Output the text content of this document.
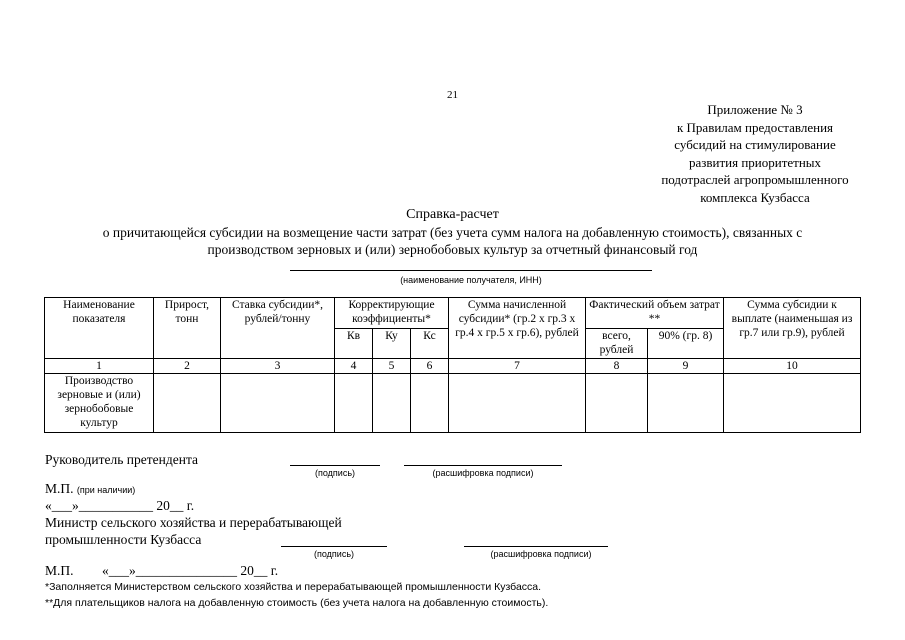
21
Приложение № 3
к Правилам предоставления
субсидий на стимулирование
развития приоритетных
подотраслей агропромышленного
комплекса Кузбасса
Справка-расчет
о причитающейся субсидии на возмещение части затрат (без учета сумм налога на добавленную стоимость), связанных с
производством зерновых и (или) зернобобовых культур за отчетный финансовый год
(наименование получателя, ИНН)
Наименование показателя	Прирост, тонн	Ставка субсидии*, рублей/тонну	Корректирующие коэффициенты*			Сумма начисленной субсидии* (гр.2 x гр.3 x гр.4 x гр.5 x гр.6), рублей	Фактический объем затрат **		Сумма субсидии к выплате (наименьшая из гр.7 или гр.9), рублей
			Кв	Ку	Кс		всего, рублей	90% (гр. 8)	
1	2	3	4	5	6	7	8	9	10
Производство зерновые и (или) зернобобовые культур									
Руководитель претендента
(подпись)	(расшифровка подписи)
М.П. (при наличии)
«___»___________ 20__ г.
Министр сельского хозяйства и перерабатывающей
промышленности Кузбасса
(подпись)	(расшифровка подписи)
М.П. «___»_______________ 20__ г.
*Заполняется Министерством сельского хозяйства и перерабатывающей промышленности Кузбасса.
**Для плательщиков налога на добавленную стоимость (без учета налога на добавленную стоимость).
